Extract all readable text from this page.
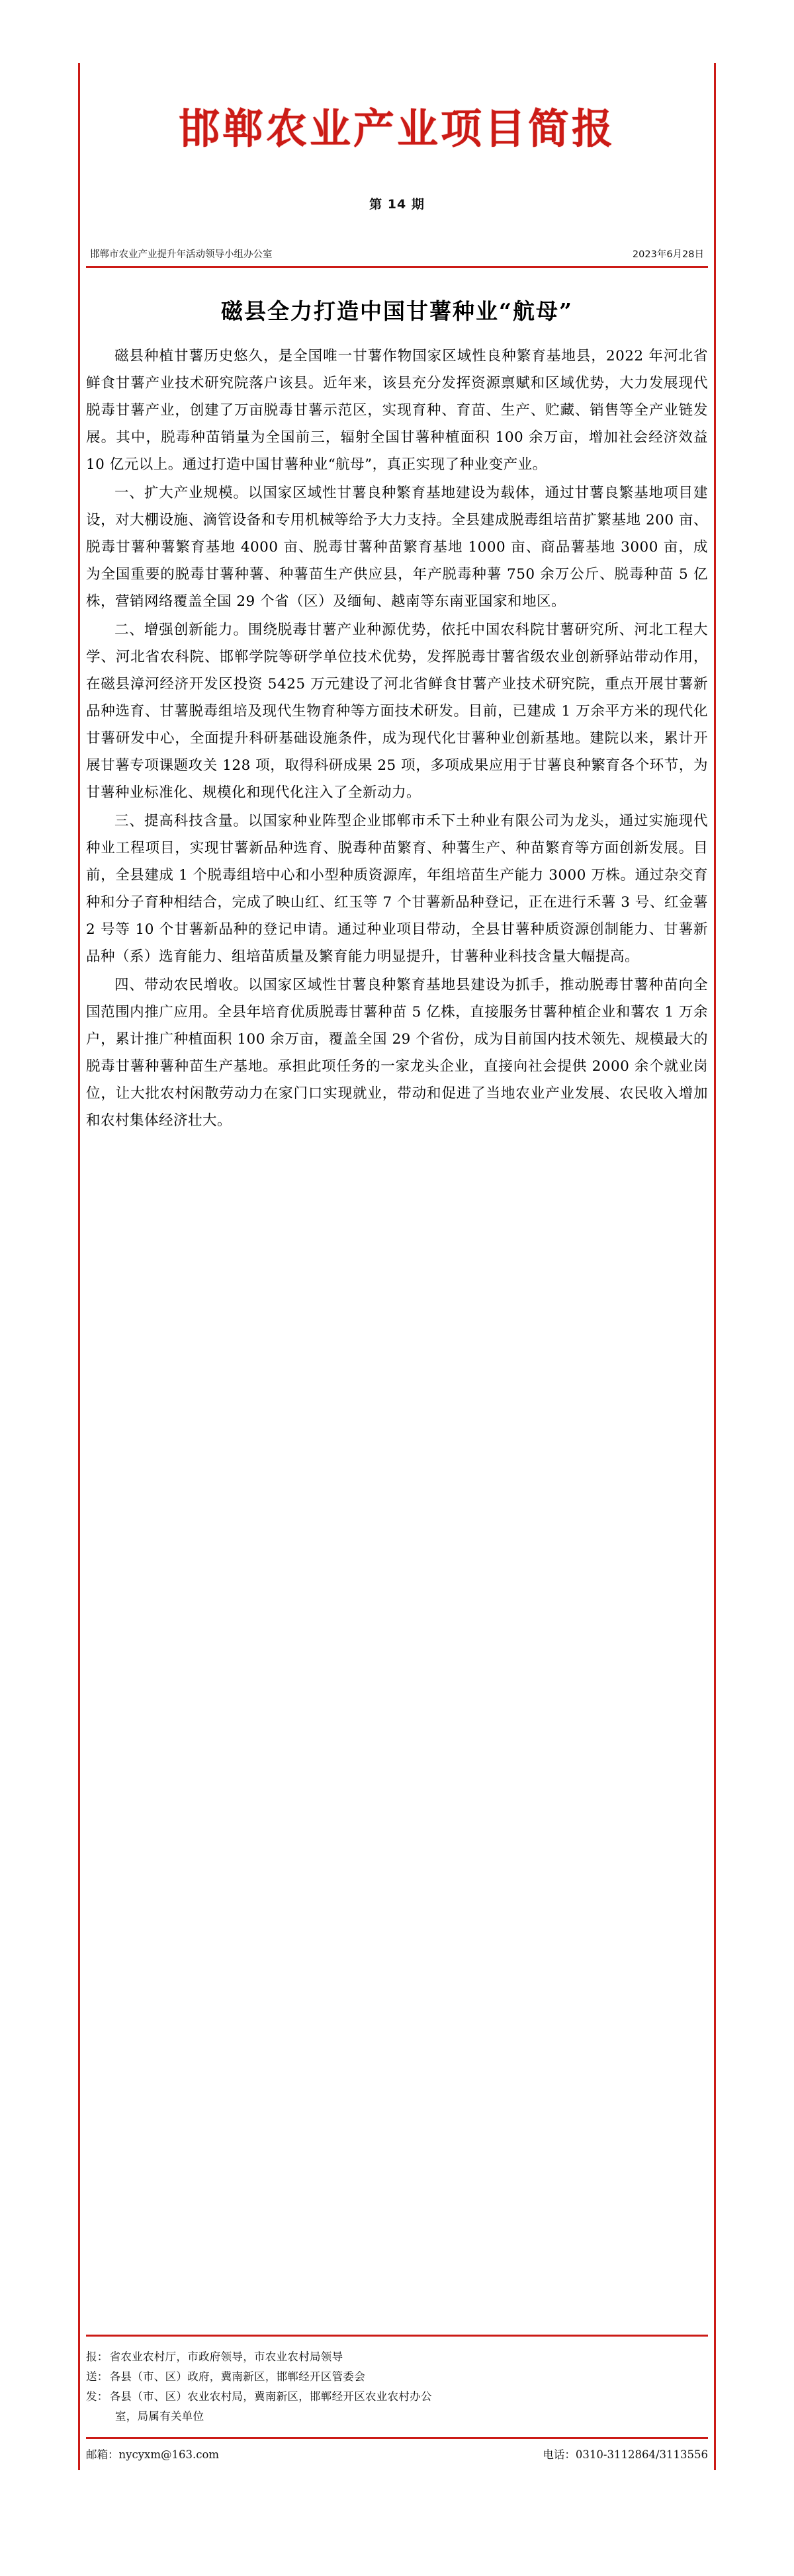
邯郸农业产业项目简报
第 14 期
邯郸市农业产业提升年活动领导小组办公室	2023年6月28日
磁县全力打造中国甘薯种业“航母”

磁县种植甘薯历史悠久，是全国唯一甘薯作物国家区域性良种繁育基地县，2022 年河北省鲜食甘薯产业技术研究院落户该县。近年来，该县充分发挥资源禀赋和区域优势，大力发展现代脱毒甘薯产业，创建了万亩脱毒甘薯示范区，实现育种、育苗、生产、贮藏、销售等全产业链发展。其中，脱毒种苗销量为全国前三，辐射全国甘薯种植面积 100 余万亩，增加社会经济效益 10 亿元以上。通过打造中国甘薯种业“航母”，真正实现了种业变产业。

一、扩大产业规模。以国家区域性甘薯良种繁育基地建设为载体，通过甘薯良繁基地项目建设，对大棚设施、滴管设备和专用机械等给予大力支持。全县建成脱毒组培苗扩繁基地 200 亩、脱毒甘薯种薯繁育基地 4000 亩、脱毒甘薯种苗繁育基地 1000 亩、商品薯基地 3000 亩，成为全国重要的脱毒甘薯种薯、种薯苗生产供应县，年产脱毒种薯 750 余万公斤、脱毒种苗 5 亿株，营销网络覆盖全国 29 个省（区）及缅甸、越南等东南亚国家和地区。

二、增强创新能力。围绕脱毒甘薯产业种源优势，依托中国农科院甘薯研究所、河北工程大学、河北省农科院、邯郸学院等研学单位技术优势，发挥脱毒甘薯省级农业创新驿站带动作用，在磁县漳河经济开发区投资 5425 万元建设了河北省鲜食甘薯产业技术研究院，重点开展甘薯新品种选育、甘薯脱毒组培及现代生物育种等方面技术研发。目前，已建成 1 万余平方米的现代化甘薯研发中心，全面提升科研基础设施条件，成为现代化甘薯种业创新基地。建院以来，累计开展甘薯专项课题攻关 128 项，取得科研成果 25 项，多项成果应用于甘薯良种繁育各个环节，为甘薯种业标准化、规模化和现代化注入了全新动力。

三、提高科技含量。以国家种业阵型企业邯郸市禾下土种业有限公司为龙头，通过实施现代种业工程项目，实现甘薯新品种选育、脱毒种苗繁育、种薯生产、种苗繁育等方面创新发展。目前，全县建成 1 个脱毒组培中心和小型种质资源库，年组培苗生产能力 3000 万株。通过杂交育种和分子育种相结合，完成了映山红、红玉等 7 个甘薯新品种登记，正在进行禾薯 3 号、红金薯 2 号等 10 个甘薯新品种的登记申请。通过种业项目带动，全县甘薯种质资源创制能力、甘薯新品种（系）选育能力、组培苗质量及繁育能力明显提升，甘薯种业科技含量大幅提高。

四、带动农民增收。以国家区域性甘薯良种繁育基地县建设为抓手，推动脱毒甘薯种苗向全国范围内推广应用。全县年培育优质脱毒甘薯种苗 5 亿株，直接服务甘薯种植企业和薯农 1 万余户，累计推广种植面积 100 余万亩，覆盖全国 29 个省份，成为目前国内技术领先、规模最大的脱毒甘薯种薯种苗生产基地。承担此项任务的一家龙头企业，直接向社会提供 2000 余个就业岗位，让大批农村闲散劳动力在家门口实现就业，带动和促进了当地农业产业发展、农民收入增加和农村集体经济壮大。

报： 省农业农村厅，市政府领导，市农业农村局领导
送： 各县（市、区）政府，冀南新区，邯郸经开区管委会
发： 各县（市、区）农业农村局，冀南新区，邯郸经开区农业农村办公
室，局属有关单位
邮箱：nycyxm@163.com	电话：0310-3112864/3113556
